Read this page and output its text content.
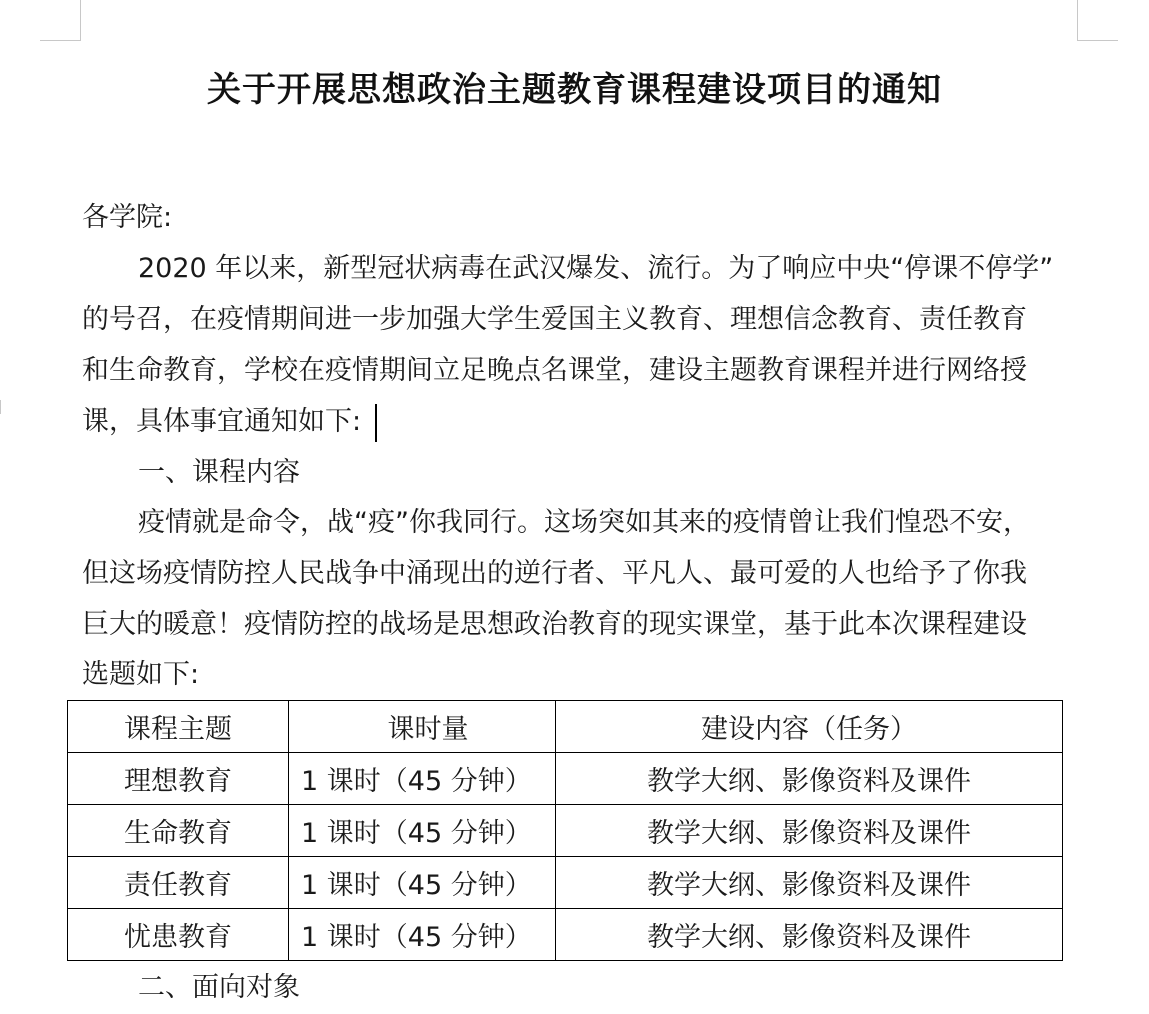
关于开展思想政治主题教育课程建设项目的通知
各学院:
2020 年以来，新型冠状病毒在武汉爆发、流行。为了响应中央“停课不停学”
的号召，在疫情期间进一步加强大学生爱国主义教育、理想信念教育、责任教育
和生命教育，学校在疫情期间立足晚点名课堂，建设主题教育课程并进行网络授
课，具体事宜通知如下:
一、课程内容
疫情就是命令，战“疫”你我同行。这场突如其来的疫情曾让我们惶恐不安，
但这场疫情防控人民战争中涌现出的逆行者、平凡人、最可爱的人也给予了你我
巨大的暖意！疫情防控的战场是思想政治教育的现实课堂，基于此本次课程建设
选题如下:
课程主题	课时量	建设内容（任务）
理想教育	1 课时（45 分钟）	教学大纲、影像资料及课件
生命教育	1 课时（45 分钟）	教学大纲、影像资料及课件
责任教育	1 课时（45 分钟）	教学大纲、影像资料及课件
忧患教育	1 课时（45 分钟）	教学大纲、影像资料及课件
二、面向对象
